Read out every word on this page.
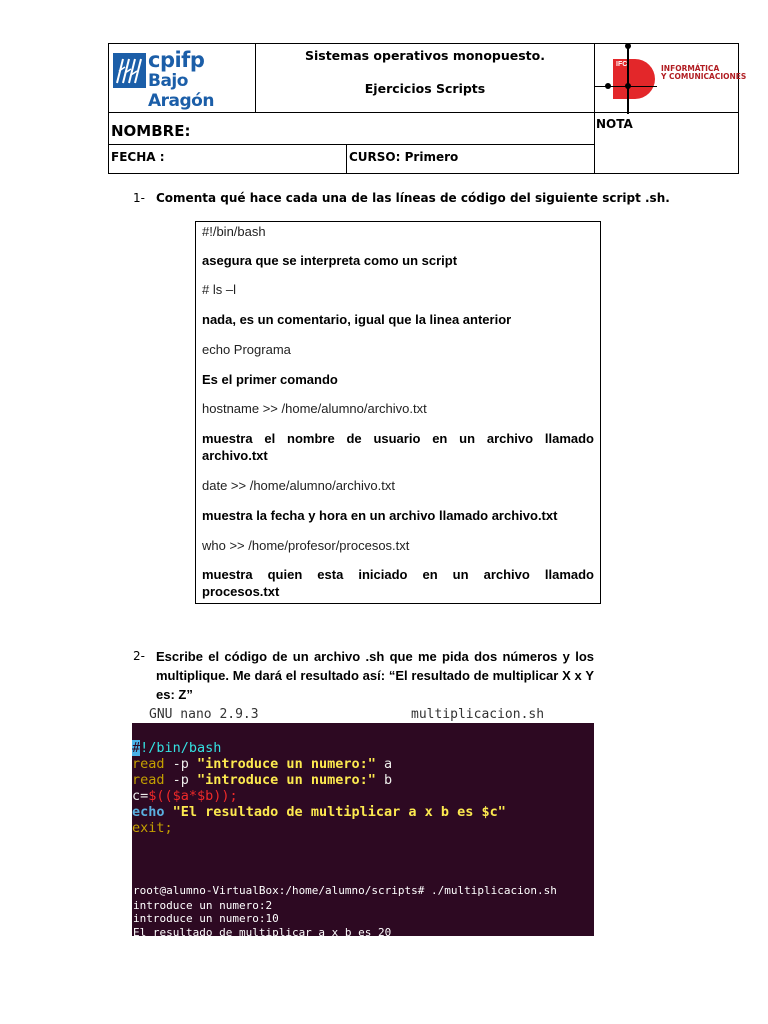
cpifp
Bajo Aragón
Sistemas operativos monopuesto.
Ejercicios Scripts
IFC	INFORMÁTICA
Y COMUNICACIONES
NOMBRE:	NOTA
FECHA :	CURSO: Primero
1- Comenta qué hace cada una de las líneas de código del siguiente script .sh.
#!/bin/bash
asegura que se interpreta como un script
# ls –l
nada, es un comentario, igual que la linea anterior
echo Programa
Es el primer comando
hostname >> /home/alumno/archivo.txt
muestra el nombre de usuario en un archivo llamado archivo.txt
date >> /home/alumno/archivo.txt
muestra la fecha y hora en un archivo llamado archivo.txt
who >> /home/profesor/procesos.txt
muestra quien esta iniciado en un archivo llamado procesos.txt
2- Escribe el código de un archivo .sh que me pida dos números y los multiplique. Me dará el resultado así: “El resultado de multiplicar X x Y es: Z”
GNU nano 2.9.3	multiplicacion.sh
#!/bin/bash
read -p "introduce un numero:" a
read -p "introduce un numero:" b
c=$(($a*$b));
echo "El resultado de multiplicar a x b es $c"
exit;
root@alumno-VirtualBox:/home/alumno/scripts# ./multiplicacion.sh
introduce un numero:2
introduce un numero:10
El resultado de multiplicar a x b es 20
